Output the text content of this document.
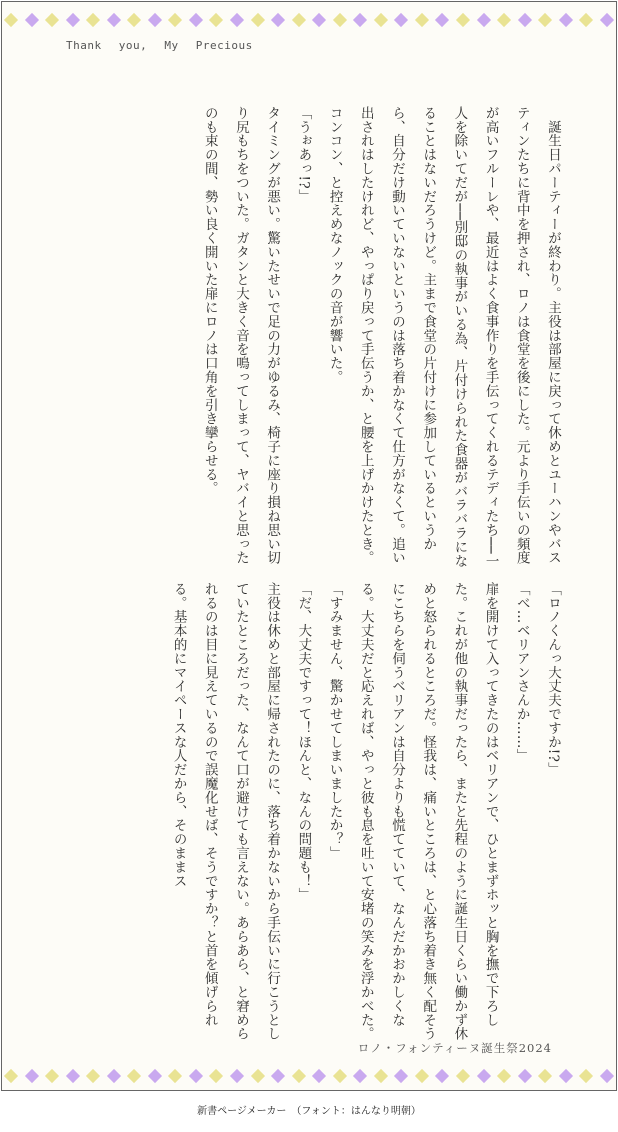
Thank you, My Precious

　誕生日パーティーが終わり。主役は部屋に戻って休めとユーハンやバスティンたちに背中を押され、ロノは食堂を後にした。元より手伝いの頻度が高いフルーレや、最近はよく食事作りを手伝ってくれるテディたち──一人を除いてだが──別邸の執事がいる為、片付けられた食器がバラバラになることはないだろうけど。主まで食堂の片付けに参加しているというから、自分だけ動いていないというのは落ち着かなくて仕方がなくて。追い出されはしたけれど、やっぱり戻って手伝うか、と腰を上げかけたとき。

コンコン、と控えめなノックの音が響いた。

「うぉあっ!?」

タイミングが悪い。驚いたせいで足の力がゆるみ、椅子に座り損ね思い切り尻もちをついた。ガタンと大きく音を鳴ってしまって、ヤバイと思ったのも束の間、勢い良く開いた扉にロノは口角を引き攣らせる。

「ロノくんっ大丈夫ですか!?」

「べ…ベリアンさんか……」

扉を開けて入ってきたのはベリアンで、ひとまずホッと胸を撫で下ろした。これが他の執事だったら、またと先程のように誕生日くらい働かず休めと怒られるところだ。怪我は、痛いところは、と心落ち着き無く配そうにこちらを伺うベリアンは自分よりも慌てていて、なんだかおかしくなる。大丈夫だと応えれば、やっと彼も息を吐いて安堵の笑みを浮かべた。

「すみません、驚かせてしまいましたか？」

「だ、大丈夫ですって！ほんと、なんの問題も！」

主役は休めと部屋に帰されたのに、落ち着かないから手伝いに行こうとしていたところだった、なんて口が避けても言えない。あらあら、と窘められるのは目に見えているので誤魔化せば、そうですか？と首を傾げられる。基本的にマイペースな人だから、そのままス

ロノ・フォンティーヌ誕生祭2024
新書ページメーカー　（フォント：はんなり明朝）
